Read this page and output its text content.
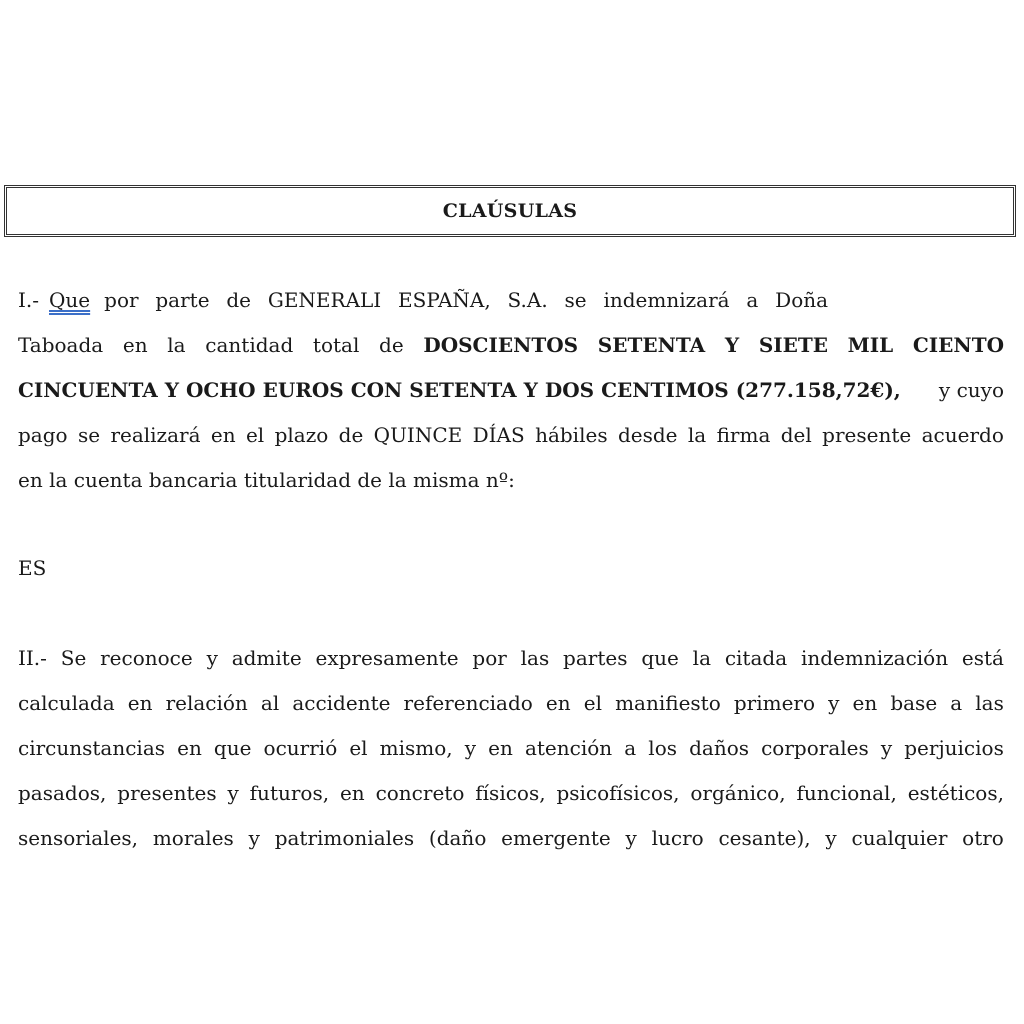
CLAÚSULAS
I.- Que por parte de GENERALI ESPAÑA, S.A. se indemnizará a Doña
Taboada en la cantidad total de DOSCIENTOS SETENTA Y SIETE MIL CIENTO
CINCUENTA Y OCHO EUROS CON SETENTA Y DOS CENTIMOS (277.158,72€), y cuyo
pago se realizará en el plazo de QUINCE DÍAS hábiles desde la firma del presente acuerdo
en la cuenta bancaria titularidad de la misma nº:
ES
II.- Se reconoce y admite expresamente por las partes que la citada indemnización está
calculada en relación al accidente referenciado en el manifiesto primero y en base a las
circunstancias en que ocurrió el mismo, y en atención a los daños corporales y perjuicios
pasados, presentes y futuros, en concreto físicos, psicofísicos, orgánico, funcional, estéticos,
sensoriales, morales y patrimoniales (daño emergente y lucro cesante), y cualquier otro
